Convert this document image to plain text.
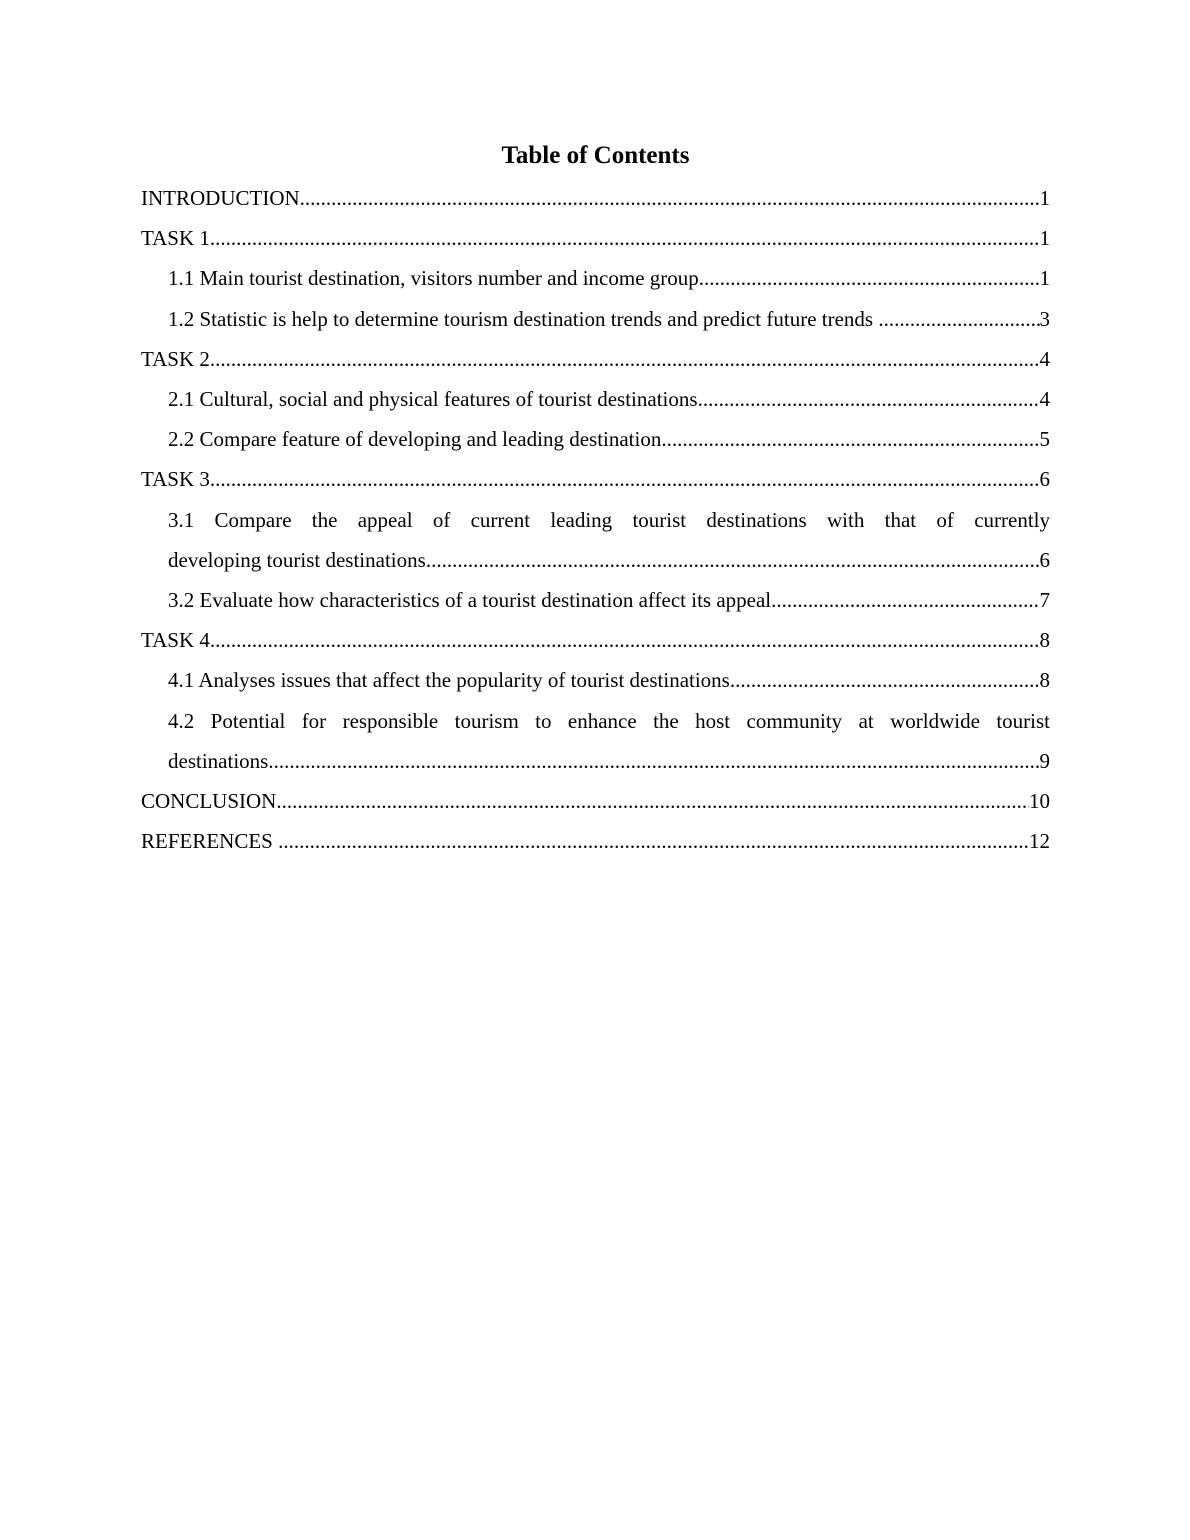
Table of Contents
INTRODUCTION .....	1
TASK 1 .....	1
1.1 Main tourist destination, visitors number and income group .....	1
1.2 Statistic is help to determine tourism destination trends and predict future trends .....	3
TASK 2 .....	4
2.1 Cultural, social and physical features of tourist destinations .....	4
2.2 Compare feature of developing and leading destination .....	5
TASK 3 .....	6
3.1 Compare the appeal of current leading tourist destinations with that of currently
developing tourist destinations .....	6
3.2 Evaluate how characteristics of a tourist destination affect its appeal .....	7
TASK 4 .....	8
4.1 Analyses issues that affect the popularity of tourist destinations .....	8
4.2 Potential for responsible tourism to enhance the host community at worldwide tourist
destinations .....	9
CONCLUSION .....	10
REFERENCES .....	12
